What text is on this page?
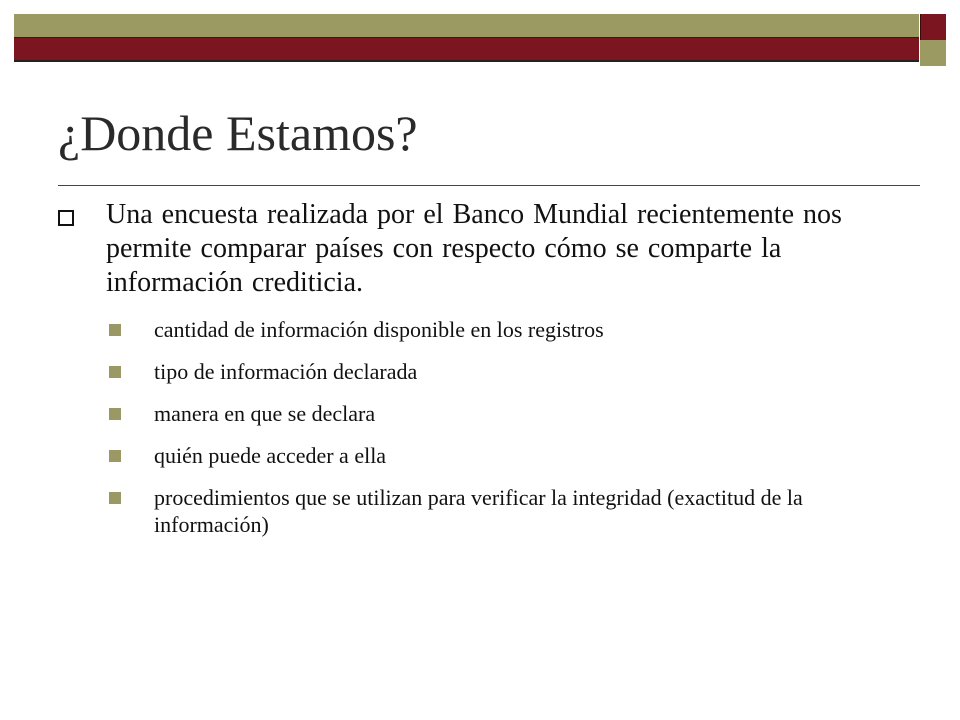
¿Donde Estamos?
Una encuesta realizada por el Banco Mundial recientemente nos permite comparar países con respecto cómo se comparte la información crediticia.
cantidad de información disponible en los registros
tipo de información declarada
manera en que se declara
quién puede acceder a ella
procedimientos que se utilizan para verificar la integridad (exactitud de la información)
